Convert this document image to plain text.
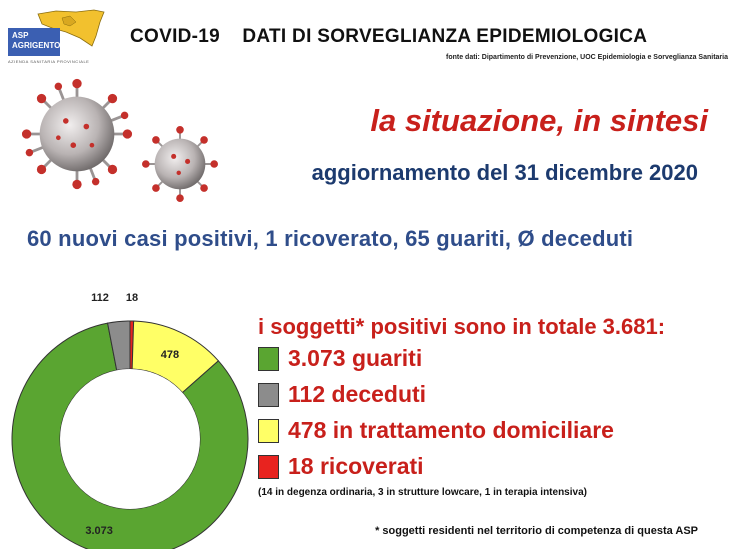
ASP
AGRIGENTO
AZIENDA SANITARIA PROVINCIALE
COVID-19    DATI DI SORVEGLIANZA EPIDEMIOLOGICA
fonte dati: Dipartimento di Prevenzione, UOC Epidemiologia e Sorveglianza Sanitaria
la situazione, in sintesi
aggiornamento del 31 dicembre 2020
60 nuovi casi positivi, 1 ricoverato, 65 guariti, Ø deceduti
18
478
3.073
112
i soggetti* positivi sono in totale 3.681:
3.073 guariti
112 deceduti
478 in trattamento domiciliare
18 ricoverati
(14 in degenza ordinaria, 3 in strutture lowcare, 1 in terapia intensiva)
* soggetti residenti nel territorio di competenza di questa ASP
